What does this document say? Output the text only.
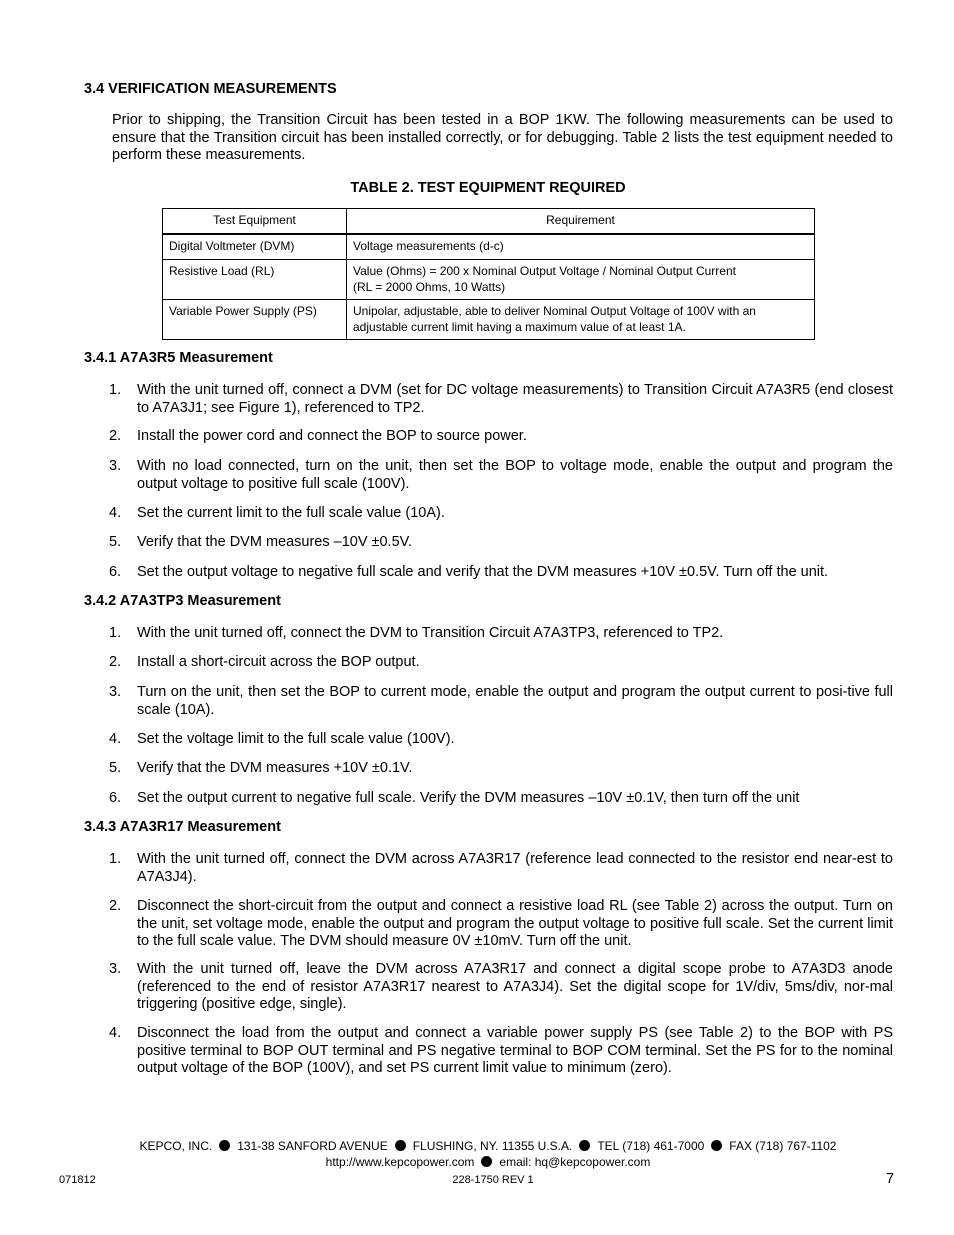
3.4 VERIFICATION MEASUREMENTS
Prior to shipping, the Transition Circuit has been tested in a BOP 1KW. The following measurements can be used to ensure that the Transition circuit has been installed correctly, or for debugging. Table 2 lists the test equipment needed to perform these measurements.
TABLE 2. TEST EQUIPMENT REQUIRED
Test Equipment	Requirement

Digital Voltmeter (DVM)	Voltage measurements (d-c)
Resistive Load (RL)	Value (Ohms) = 200 x Nominal Output Voltage / Nominal Output Current
(RL = 2000 Ohms, 10 Watts)

Variable Power Supply (PS)	Unipolar, adjustable, able to deliver Nominal Output Voltage of 100V with an adjustable current limit having a maximum value of at least 1A.
3.4.1 A7A3R5 Measurement
1. With the unit turned off, connect a DVM (set for DC voltage measurements) to Transition Circuit A7A3R5 (end closest to A7A3J1; see Figure 1), referenced to TP2.
2. Install the power cord and connect the BOP to source power.
3. With no load connected, turn on the unit, then set the BOP to voltage mode, enable the output and program the output voltage to positive full scale (100V).
4. Set the current limit to the full scale value (10A).
5. Verify that the DVM measures –10V ±0.5V.
6. Set the output voltage to negative full scale and verify that the DVM measures +10V ±0.5V. Turn off the unit.
3.4.2 A7A3TP3 Measurement
1. With the unit turned off, connect the DVM to Transition Circuit A7A3TP3, referenced to TP2.
2. Install a short-circuit across the BOP output.
3. Turn on the unit, then set the BOP to current mode, enable the output and program the output current to posi-tive full scale (10A).
4. Set the voltage limit to the full scale value (100V).
5. Verify that the DVM measures +10V ±0.1V.
6. Set the output current to negative full scale. Verify the DVM measures –10V ±0.1V, then turn off the unit
3.4.3 A7A3R17 Measurement
1. With the unit turned off, connect the DVM across A7A3R17 (reference lead connected to the resistor end near-est to A7A3J4).
2. Disconnect the short-circuit from the output and connect a resistive load RL (see Table 2) across the output. Turn on the unit, set voltage mode, enable the output and program the output voltage to positive full scale. Set the current limit to the full scale value. The DVM should measure 0V ±10mV. Turn off the unit.
3. With the unit turned off, leave the DVM across A7A3R17 and connect a digital scope probe to A7A3D3 anode (referenced to the end of resistor A7A3R17 nearest to A7A3J4). Set the digital scope for 1V/div, 5ms/div, nor-mal triggering (positive edge, single).
4. Disconnect the load from the output and connect a variable power supply PS (see Table 2) to the BOP with PS positive terminal to BOP OUT terminal and PS negative terminal to BOP COM terminal. Set the PS for to the nominal output voltage of the BOP (100V), and set PS current limit value to minimum (zero).
KEPCO, INC. 131-38 SANFORD AVENUE FLUSHING, NY. 11355 U.S.A. TEL (718) 461-7000 FAX (718) 767-1102
http://www.kepcopower.com email: hq@kepcopower.com
071812	228-1750 REV 1	7
